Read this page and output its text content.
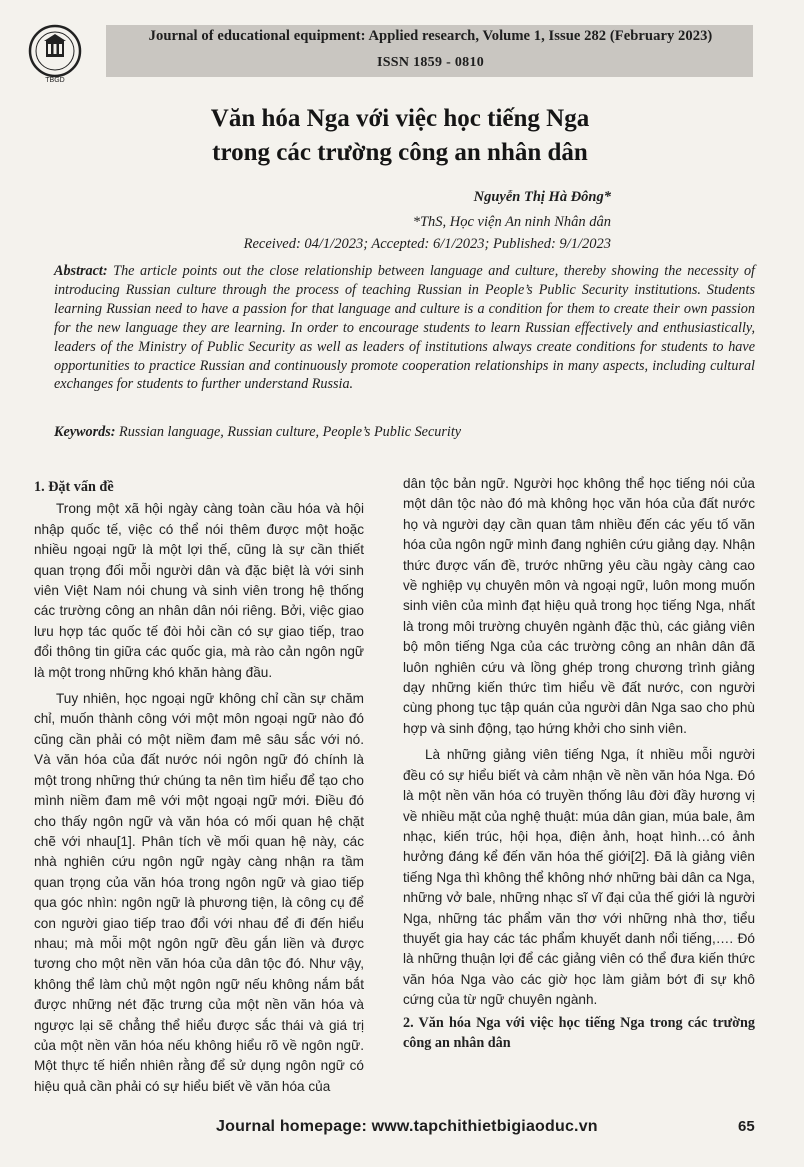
TBGD
Journal of educational equipment: Applied research, Volume 1, Issue 282 (February 2023)
ISSN 1859 - 0810
Văn hóa Nga với việc học tiếng Nga
trong các trường công an nhân dân
Nguyễn Thị Hà Đông*
*ThS, Học viện An ninh Nhân dân
Received: 04/1/2023; Accepted: 6/1/2023; Published: 9/1/2023
Abstract: The article points out the close relationship between language and culture, thereby showing the necessity of introducing Russian culture through the process of teaching Russian in People’s Public Security institutions. Students learning Russian need to have a passion for that language and culture is a condition for them to create their own passion for the new language they are learning. In order to encourage students to learn Russian effectively and enthusiastically, leaders of the Ministry of Public Security as well as leaders of institutions always create conditions for students to have opportunities to practice Russian and continuously promote cooperation relationships in many aspects, including cultural exchanges for students to further understand Russia.
Keywords: Russian language, Russian culture, People’s Public Security
1. Đặt vấn đề

Trong một xã hội ngày càng toàn cầu hóa và hội nhập quốc tế, việc có thể nói thêm được một hoặc nhiều ngoại ngữ là một lợi thế, cũng là sự cần thiết quan trọng đối mỗi người dân và đặc biệt là với sinh viên Việt Nam nói chung và sinh viên trong hệ thống các trường công an nhân dân nói riêng. Bởi, việc giao lưu hợp tác quốc tế đòi hỏi cần có sự giao tiếp, trao đổi thông tin giữa các quốc gia, mà rào cản ngôn ngữ là một trong những khó khăn hàng đầu.

Tuy nhiên, học ngoại ngữ không chỉ cần sự chăm chỉ, muốn thành công với một môn ngoại ngữ nào đó cũng cần phải có một niềm đam mê sâu sắc với nó. Và văn hóa của đất nước nói ngôn ngữ đó chính là một trong những thứ chúng ta nên tìm hiểu để tạo cho mình niềm đam mê với một ngoại ngữ mới. Điều đó cho thấy ngôn ngữ và văn hóa có mối quan hệ chặt chẽ với nhau[1]. Phân tích về mối quan hệ này, các nhà nghiên cứu ngôn ngữ ngày càng nhận ra tầm quan trọng của văn hóa trong ngôn ngữ và giao tiếp qua góc nhìn: ngôn ngữ là phương tiện, là công cụ để con người giao tiếp trao đổi với nhau để đi đến hiểu nhau; mà mỗi một ngôn ngữ đều gắn liền và được tương cho một nền văn hóa của dân tộc đó. Như vậy, không thể làm chủ một ngôn ngữ nếu không nắm bắt được những nét đặc trưng của một nền văn hóa và ngược lại sẽ chẳng thể hiểu được sắc thái và giá trị của một nền văn hóa nếu không hiểu rõ về ngôn ngữ. Một thực tế hiển nhiên rằng để sử dụng ngôn ngữ có hiệu quả cần phải có sự hiểu biết về văn hóa của

dân tộc bản ngữ. Người học không thể học tiếng nói của một dân tộc nào đó mà không học văn hóa của đất nước họ và người dạy cần quan tâm nhiều đến các yếu tố văn hóa của ngôn ngữ mình đang nghiên cứu giảng dạy. Nhận thức được vấn đề, trước những yêu cầu ngày càng cao về nghiệp vụ chuyên môn và ngoại ngữ, luôn mong muốn sinh viên của mình đạt hiệu quả trong học tiếng Nga, nhất là trong môi trường chuyên ngành đặc thù, các giảng viên bộ môn tiếng Nga của các trường công an nhân dân đã luôn nghiên cứu và lồng ghép trong chương trình giảng dạy những kiến thức tìm hiểu về đất nước, con người cùng phong tục tập quán của người dân Nga sao cho phù hợp và sinh động, tạo hứng khởi cho sinh viên.

Là những giảng viên tiếng Nga, ít nhiều mỗi người đều có sự hiểu biết và cảm nhận về nền văn hóa Nga. Đó là một nền văn hóa có truyền thống lâu đời đầy hương vị về nhiều mặt của nghệ thuật: múa dân gian, múa bale, âm nhạc, kiến trúc, hội họa, điện ảnh, hoạt hình…có ảnh hưởng đáng kể đến văn hóa thế giới[2]. Đã là giảng viên tiếng Nga thì không thể không nhớ những bài dân ca Nga, những vở bale, những nhạc sĩ vĩ đại của thế giới là người Nga, những tác phẩm văn thơ với những nhà thơ, tiểu thuyết gia hay các tác phẩm khuyết danh nổi tiếng,…. Đó là những thuận lợi để các giảng viên có thể đưa kiến thức văn hóa Nga vào các giờ học làm giảm bớt đi sự khô cứng của từ ngữ chuyên ngành.

2. Văn hóa Nga với việc học tiếng Nga trong các trường công an nhân dân
Journal homepage: www.tapchithietbigiaoduc.vn	65
